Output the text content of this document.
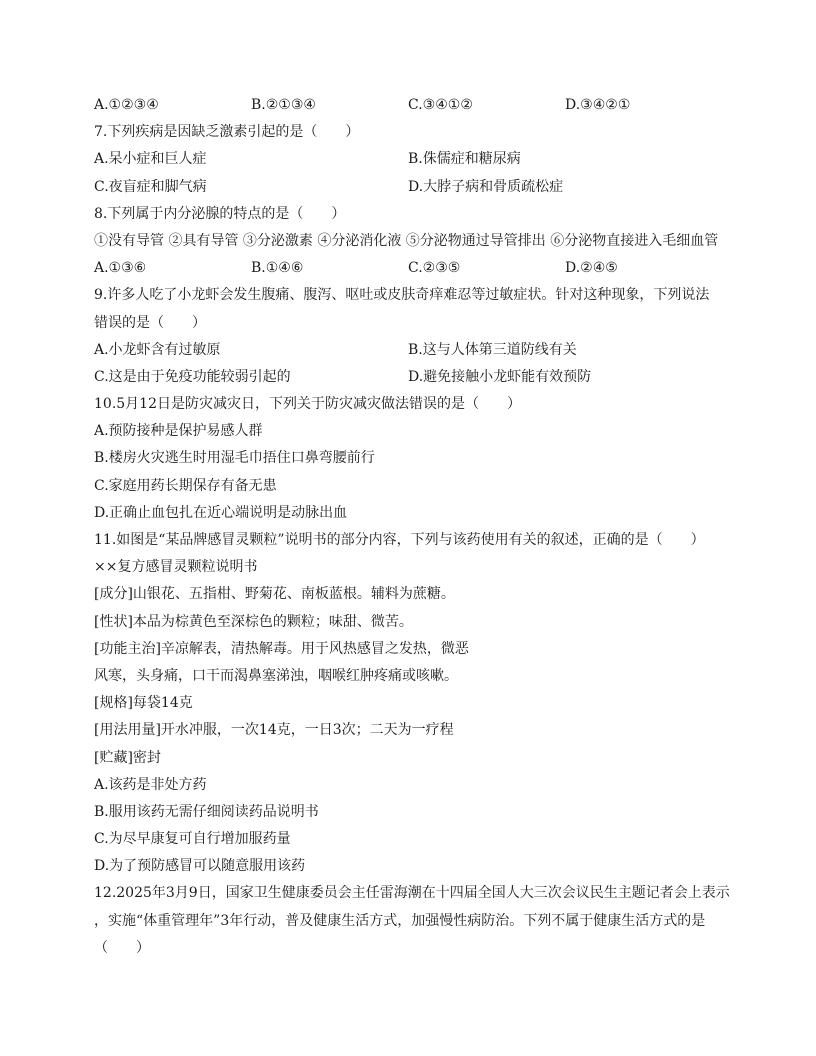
A.①②③④	B.②①③④	C.③④①②	D.③④②①
7.下列疾病是因缺乏激素引起的是（　　）
A.呆小症和巨人症	B.侏儒症和糖尿病
C.夜盲症和脚气病	D.大脖子病和骨质疏松症
8.下列属于内分泌腺的特点的是（　　）
①没有导管 ②具有导管 ③分泌激素 ④分泌消化液 ⑤分泌物通过导管排出 ⑥分泌物直接进入毛细血管
A.①③⑥	B.①④⑥	C.②③⑤	D.②④⑤
9.许多人吃了小龙虾会发生腹痛、腹泻、呕吐或皮肤奇痒难忍等过敏症状。针对这种现象，下列说法
错误的是（　　）
A.小龙虾含有过敏原	B.这与人体第三道防线有关
C.这是由于免疫功能较弱引起的	D.避免接触小龙虾能有效预防
10.5月12日是防灾减灾日，下列关于防灾减灾做法错误的是（　　）
A.预防接种是保护易感人群
B.楼房火灾逃生时用湿毛巾捂住口鼻弯腰前行
C.家庭用药长期保存有备无患
D.正确止血包扎在近心端说明是动脉出血
11.如图是“某品牌感冒灵颗粒”说明书的部分内容，下列与该药使用有关的叙述，正确的是（　　）
××复方感冒灵颗粒说明书
[成分]山银花、五指柑、野菊花、南板蓝根。辅料为蔗糖。
[性状]本品为棕黄色至深棕色的颗粒；味甜、微苦。
[功能主治]辛凉解表，清热解毒。用于风热感冒之发热，微恶
风寒，头身痛，口干而渴鼻塞涕浊，咽喉红肿疼痛或咳嗽。
[规格]每袋14克
[用法用量]开水冲服，一次14克，一日3次；二天为一疗程
[贮藏]密封
A.该药是非处方药
B.服用该药无需仔细阅读药品说明书
C.为尽早康复可自行增加服药量
D.为了预防感冒可以随意服用该药
12.2025年3月9日，国家卫生健康委员会主任雷海潮在十四届全国人大三次会议民生主题记者会上表示
，实施“体重管理年”3年行动，普及健康生活方式，加强慢性病防治。下列不属于健康生活方式的是
（　　）
